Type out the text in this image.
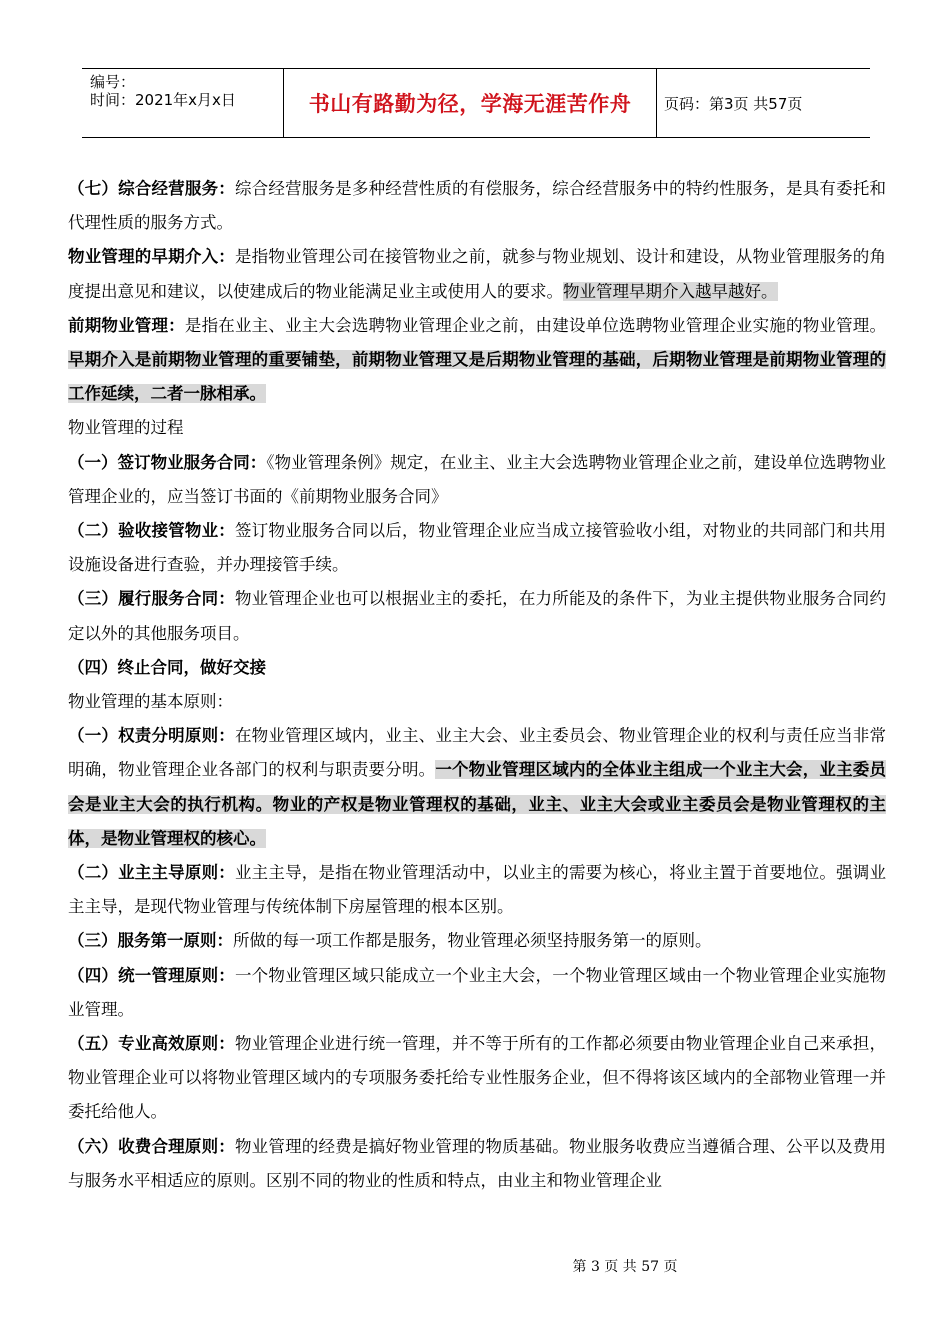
编号：
时间：2021年x月x日	书山有路勤为径，学海无涯苦作舟 页码：第3页 共57页

（七）综合经营服务：综合经营服务是多种经营性质的有偿服务，综合经营服务中的特约性服务，是具有委托和代理性质的服务方式。

物业管理的早期介入：是指物业管理公司在接管物业之前，就参与物业规划、设计和建设，从物业管理服务的角度提出意见和建议，以使建成后的物业能满足业主或使用人的要求。物业管理早期介入越早越好。

前期物业管理：是指在业主、业主大会选聘物业管理企业之前，由建设单位选聘物业管理企业实施的物业管理。早期介入是前期物业管理的重要铺垫，前期物业管理又是后期物业管理的基础，后期物业管理是前期物业管理的工作延续，二者一脉相承。

物业管理的过程

（一）签订物业服务合同：《物业管理条例》规定，在业主、业主大会选聘物业管理企业之前，建设单位选聘物业管理企业的，应当签订书面的《前期物业服务合同》

（二）验收接管物业：签订物业服务合同以后，物业管理企业应当成立接管验收小组，对物业的共同部门和共用设施设备进行查验，并办理接管手续。

（三）履行服务合同：物业管理企业也可以根据业主的委托，在力所能及的条件下，为业主提供物业服务合同约定以外的其他服务项目。

（四）终止合同，做好交接

物业管理的基本原则：

（一）权责分明原则：在物业管理区域内，业主、业主大会、业主委员会、物业管理企业的权利与责任应当非常明确，物业管理企业各部门的权利与职责要分明。一个物业管理区域内的全体业主组成一个业主大会，业主委员会是业主大会的执行机构。物业的产权是物业管理权的基础，业主、业主大会或业主委员会是物业管理权的主体，是物业管理权的核心。

（二）业主主导原则：业主主导，是指在物业管理活动中，以业主的需要为核心，将业主置于首要地位。强调业主主导，是现代物业管理与传统体制下房屋管理的根本区别。

（三）服务第一原则：所做的每一项工作都是服务，物业管理必须坚持服务第一的原则。

（四）统一管理原则：一个物业管理区域只能成立一个业主大会，一个物业管理区域由一个物业管理企业实施物业管理。

（五）专业高效原则：物业管理企业进行统一管理，并不等于所有的工作都必须要由物业管理企业自己来承担，物业管理企业可以将物业管理区域内的专项服务委托给专业性服务企业，但不得将该区域内的全部物业管理一并委托给他人。

（六）收费合理原则：物业管理的经费是搞好物业管理的物质基础。物业服务收费应当遵循合理、公平以及费用与服务水平相适应的原则。区别不同的物业的性质和特点，由业主和物业管理企业

第 3 页 共 57 页
